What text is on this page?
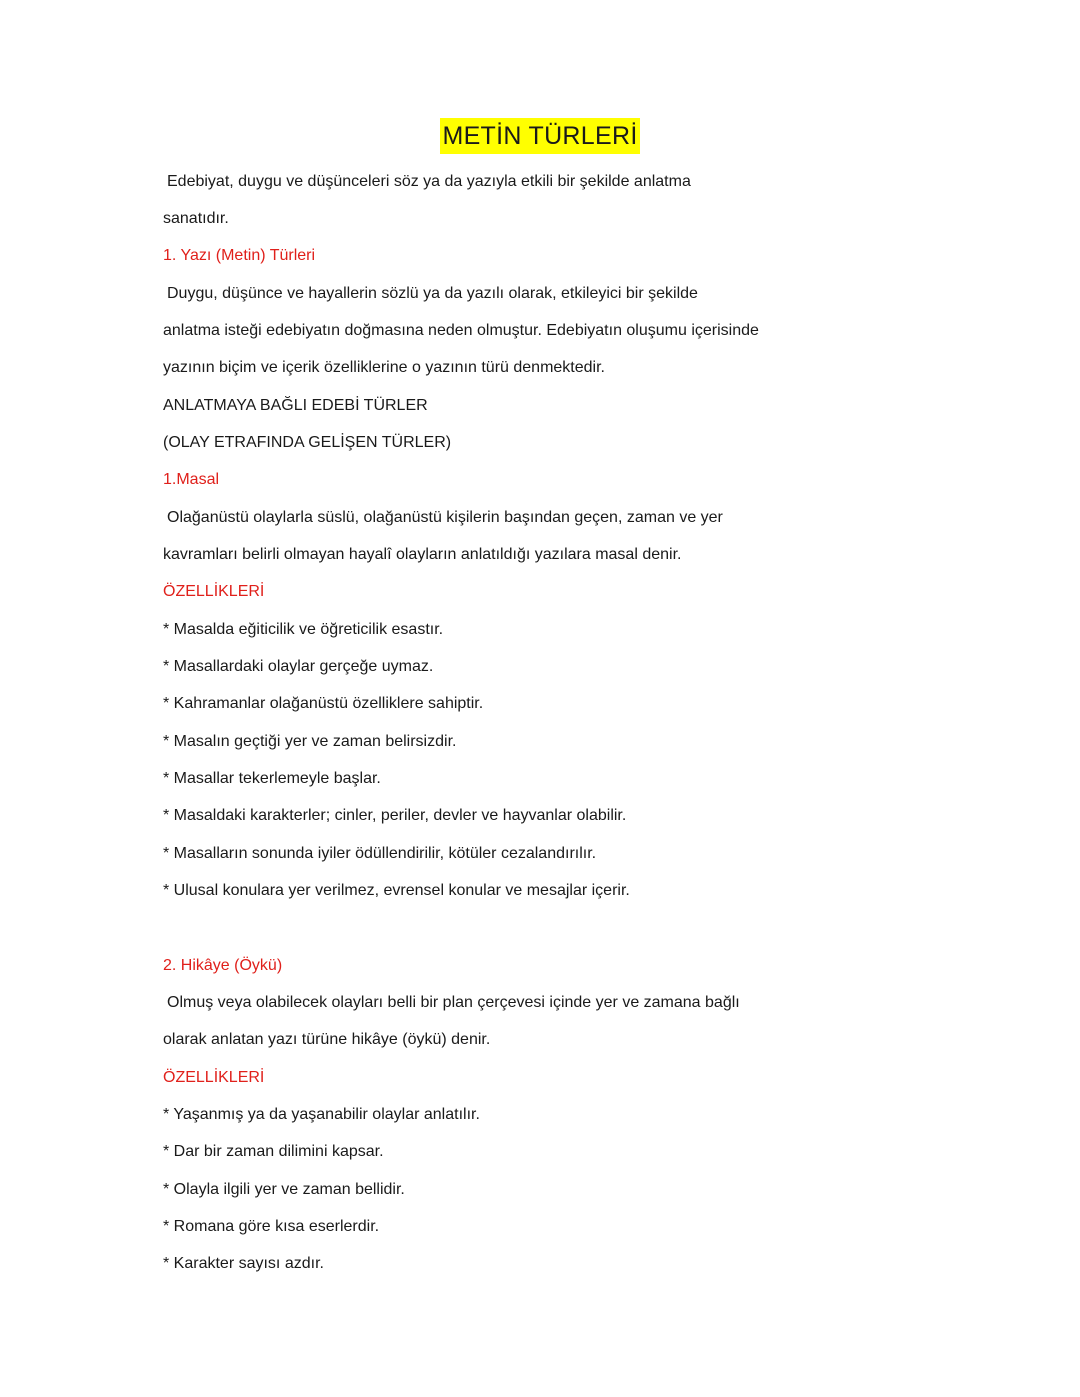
METİN TÜRLERİ
Edebiyat, duygu ve düşünceleri söz ya da yazıyla etkili bir şekilde anlatma
sanatıdır.
1. Yazı (Metin) Türleri
Duygu, düşünce ve hayallerin sözlü ya da yazılı olarak, etkileyici bir şekilde
anlatma isteği edebiyatın doğmasına neden olmuştur. Edebiyatın oluşumu içerisinde
yazının biçim ve içerik özelliklerine o yazının türü denmektedir.
ANLATMAYA BAĞLI EDEBİ TÜRLER
(OLAY ETRAFINDA GELİŞEN TÜRLER)
1.Masal
Olağanüstü olaylarla süslü, olağanüstü kişilerin başından geçen, zaman ve yer
kavramları belirli olmayan hayalî olayların anlatıldığı yazılara masal denir.
ÖZELLİKLERİ
* Masalda eğiticilik ve öğreticilik esastır.
* Masallardaki olaylar gerçeğe uymaz.
* Kahramanlar olağanüstü özelliklere sahiptir.
* Masalın geçtiği yer ve zaman belirsizdir.
* Masallar tekerlemeyle başlar.
* Masaldaki karakterler; cinler, periler, devler ve hayvanlar olabilir.
* Masalların sonunda iyiler ödüllendirilir, kötüler cezalandırılır.
* Ulusal konulara yer verilmez, evrensel konular ve mesajlar içerir.
2. Hikâye (Öykü)
Olmuş veya olabilecek olayları belli bir plan çerçevesi içinde yer ve zamana bağlı
olarak anlatan yazı türüne hikâye (öykü) denir.
ÖZELLİKLERİ
* Yaşanmış ya da yaşanabilir olaylar anlatılır.
* Dar bir zaman dilimini kapsar.
* Olayla ilgili yer ve zaman bellidir.
* Romana göre kısa eserlerdir.
* Karakter sayısı azdır.
